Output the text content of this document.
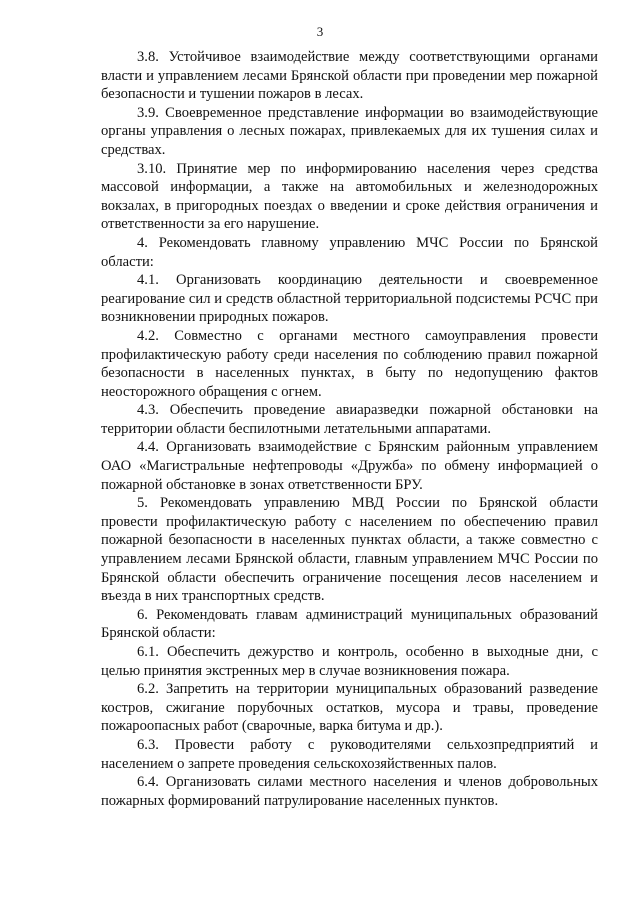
3

3.8. Устойчивое взаимодействие между соответствующими органами власти и управлением лесами Брянской области при проведении мер пожарной безопасности и тушении пожаров в лесах.

3.9. Своевременное представление информации во взаимодействующие органы управления о лесных пожарах, привлекаемых для их тушения силах и средствах.

3.10. Принятие мер по информированию населения через средства массовой информации, а также на автомобильных и железнодорожных вокзалах, в пригородных поездах о введении и сроке действия ограничения и ответственности за его нарушение.

4. Рекомендовать главному управлению МЧС России по Брянской области:

4.1. Организовать координацию деятельности и своевременное реагирование сил и средств областной территориальной подсистемы РСЧС при возникновении природных пожаров.

4.2. Совместно с органами местного самоуправления провести профилактическую работу среди населения по соблюдению правил пожарной безопасности в населенных пунктах, в быту по недопущению фактов неосторожного обращения с огнем.

4.3. Обеспечить проведение авиаразведки пожарной обстановки на территории области беспилотными летательными аппаратами.

4.4. Организовать взаимодействие с Брянским районным управлением ОАО «Магистральные нефтепроводы «Дружба» по обмену информацией о пожарной обстановке в зонах ответственности БРУ.

5. Рекомендовать управлению МВД России по Брянской области провести профилактическую работу с населением по обеспечению правил пожарной безопасности в населенных пунктах области, а также совместно с управлением лесами Брянской области, главным управлением МЧС России по Брянской области обеспечить ограничение посещения лесов населением и въезда в них транспортных средств.

6. Рекомендовать главам администраций муниципальных образований Брянской области:

6.1. Обеспечить дежурство и контроль, особенно в выходные дни, с целью принятия экстренных мер в случае возникновения пожара.

6.2. Запретить на территории муниципальных образований разведение костров, сжигание порубочных остатков, мусора и травы, проведение пожароопасных работ (сварочные, варка битума и др.).

6.3. Провести работу с руководителями сельхозпредприятий и населением о запрете проведения сельскохозяйственных палов.

6.4. Организовать силами местного населения и членов добровольных пожарных формирований патрулирование населенных пунктов.
